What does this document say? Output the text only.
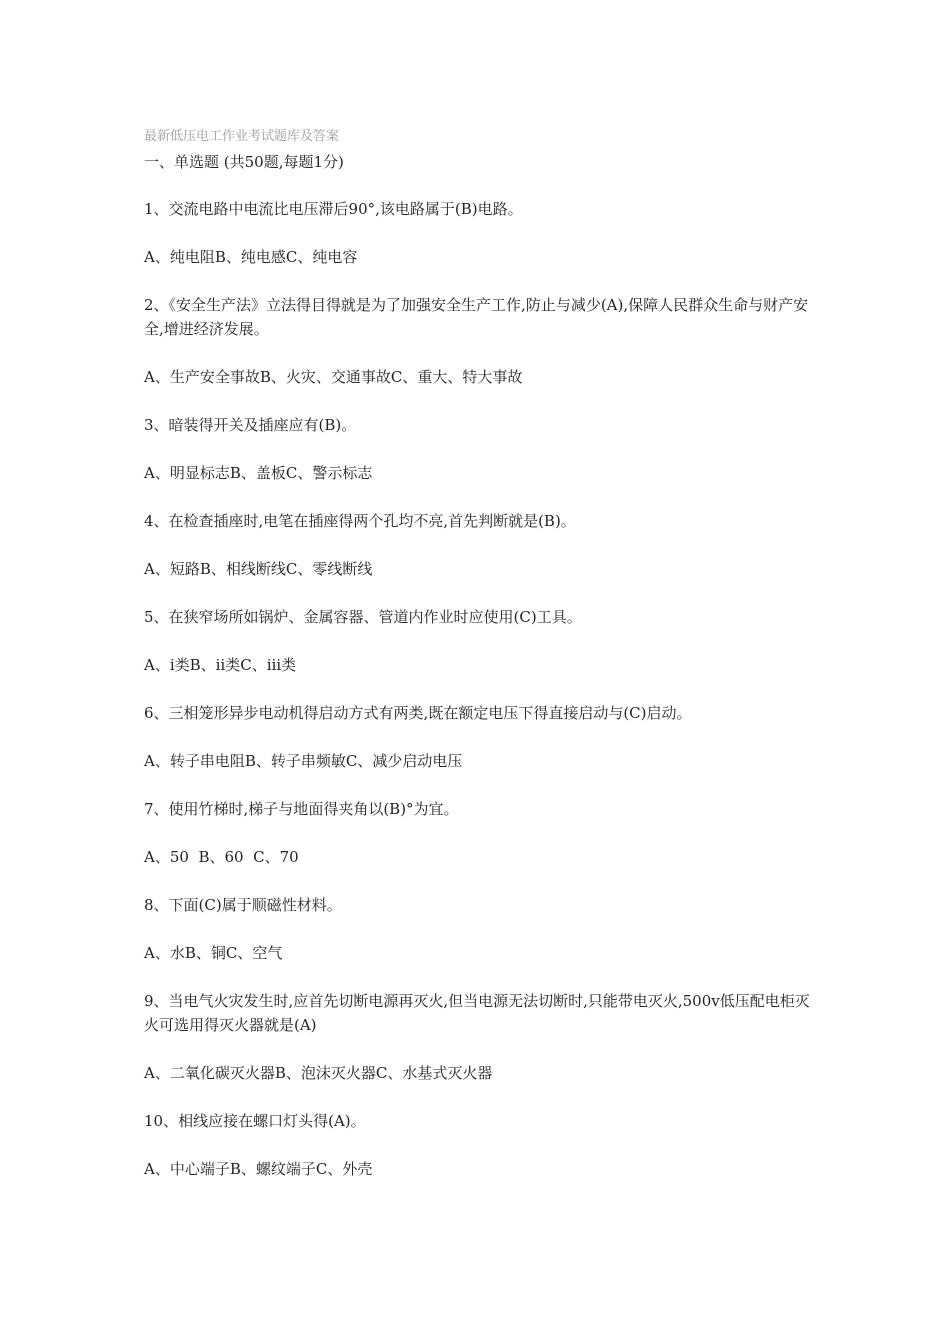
最新低压电工作业考试题库及答案
一、单选题 (共50题,每题1分)

1、交流电路中电流比电压滞后90°,该电路属于(B)电路。

A、纯电阻B、纯电感C、纯电容

2、《安全生产法》立法得目得就是为了加强安全生产工作,防止与减少(A),保障人民群众生命与财产安全,增进经济发展。

A、生产安全事故B、火灾、交通事故C、重大、特大事故

3、暗装得开关及插座应有(B)。

A、明显标志B、盖板C、警示标志

4、在检查插座时,电笔在插座得两个孔均不亮,首先判断就是(B)。

A、短路B、相线断线C、零线断线

5、在狭窄场所如锅炉、金属容器、管道内作业时应使用(C)工具。

A、ⅰ类B、ⅱ类C、ⅲ类

6、三相笼形异步电动机得启动方式有两类,既在额定电压下得直接启动与(C)启动。

A、转子串电阻B、转子串频敏C、减少启动电压

7、使用竹梯时,梯子与地面得夹角以(B)°为宜。

A、50  B、60  C、70

8、下面(C)属于顺磁性材料。

A、水B、铜C、空气

9、当电气火灾发生时,应首先切断电源再灭火,但当电源无法切断时,只能带电灭火,500v低压配电柜灭火可选用得灭火器就是(A)

A、二氧化碳灭火器B、泡沫灭火器C、水基式灭火器

10、相线应接在螺口灯头得(A)。

A、中心端子B、螺纹端子C、外壳
